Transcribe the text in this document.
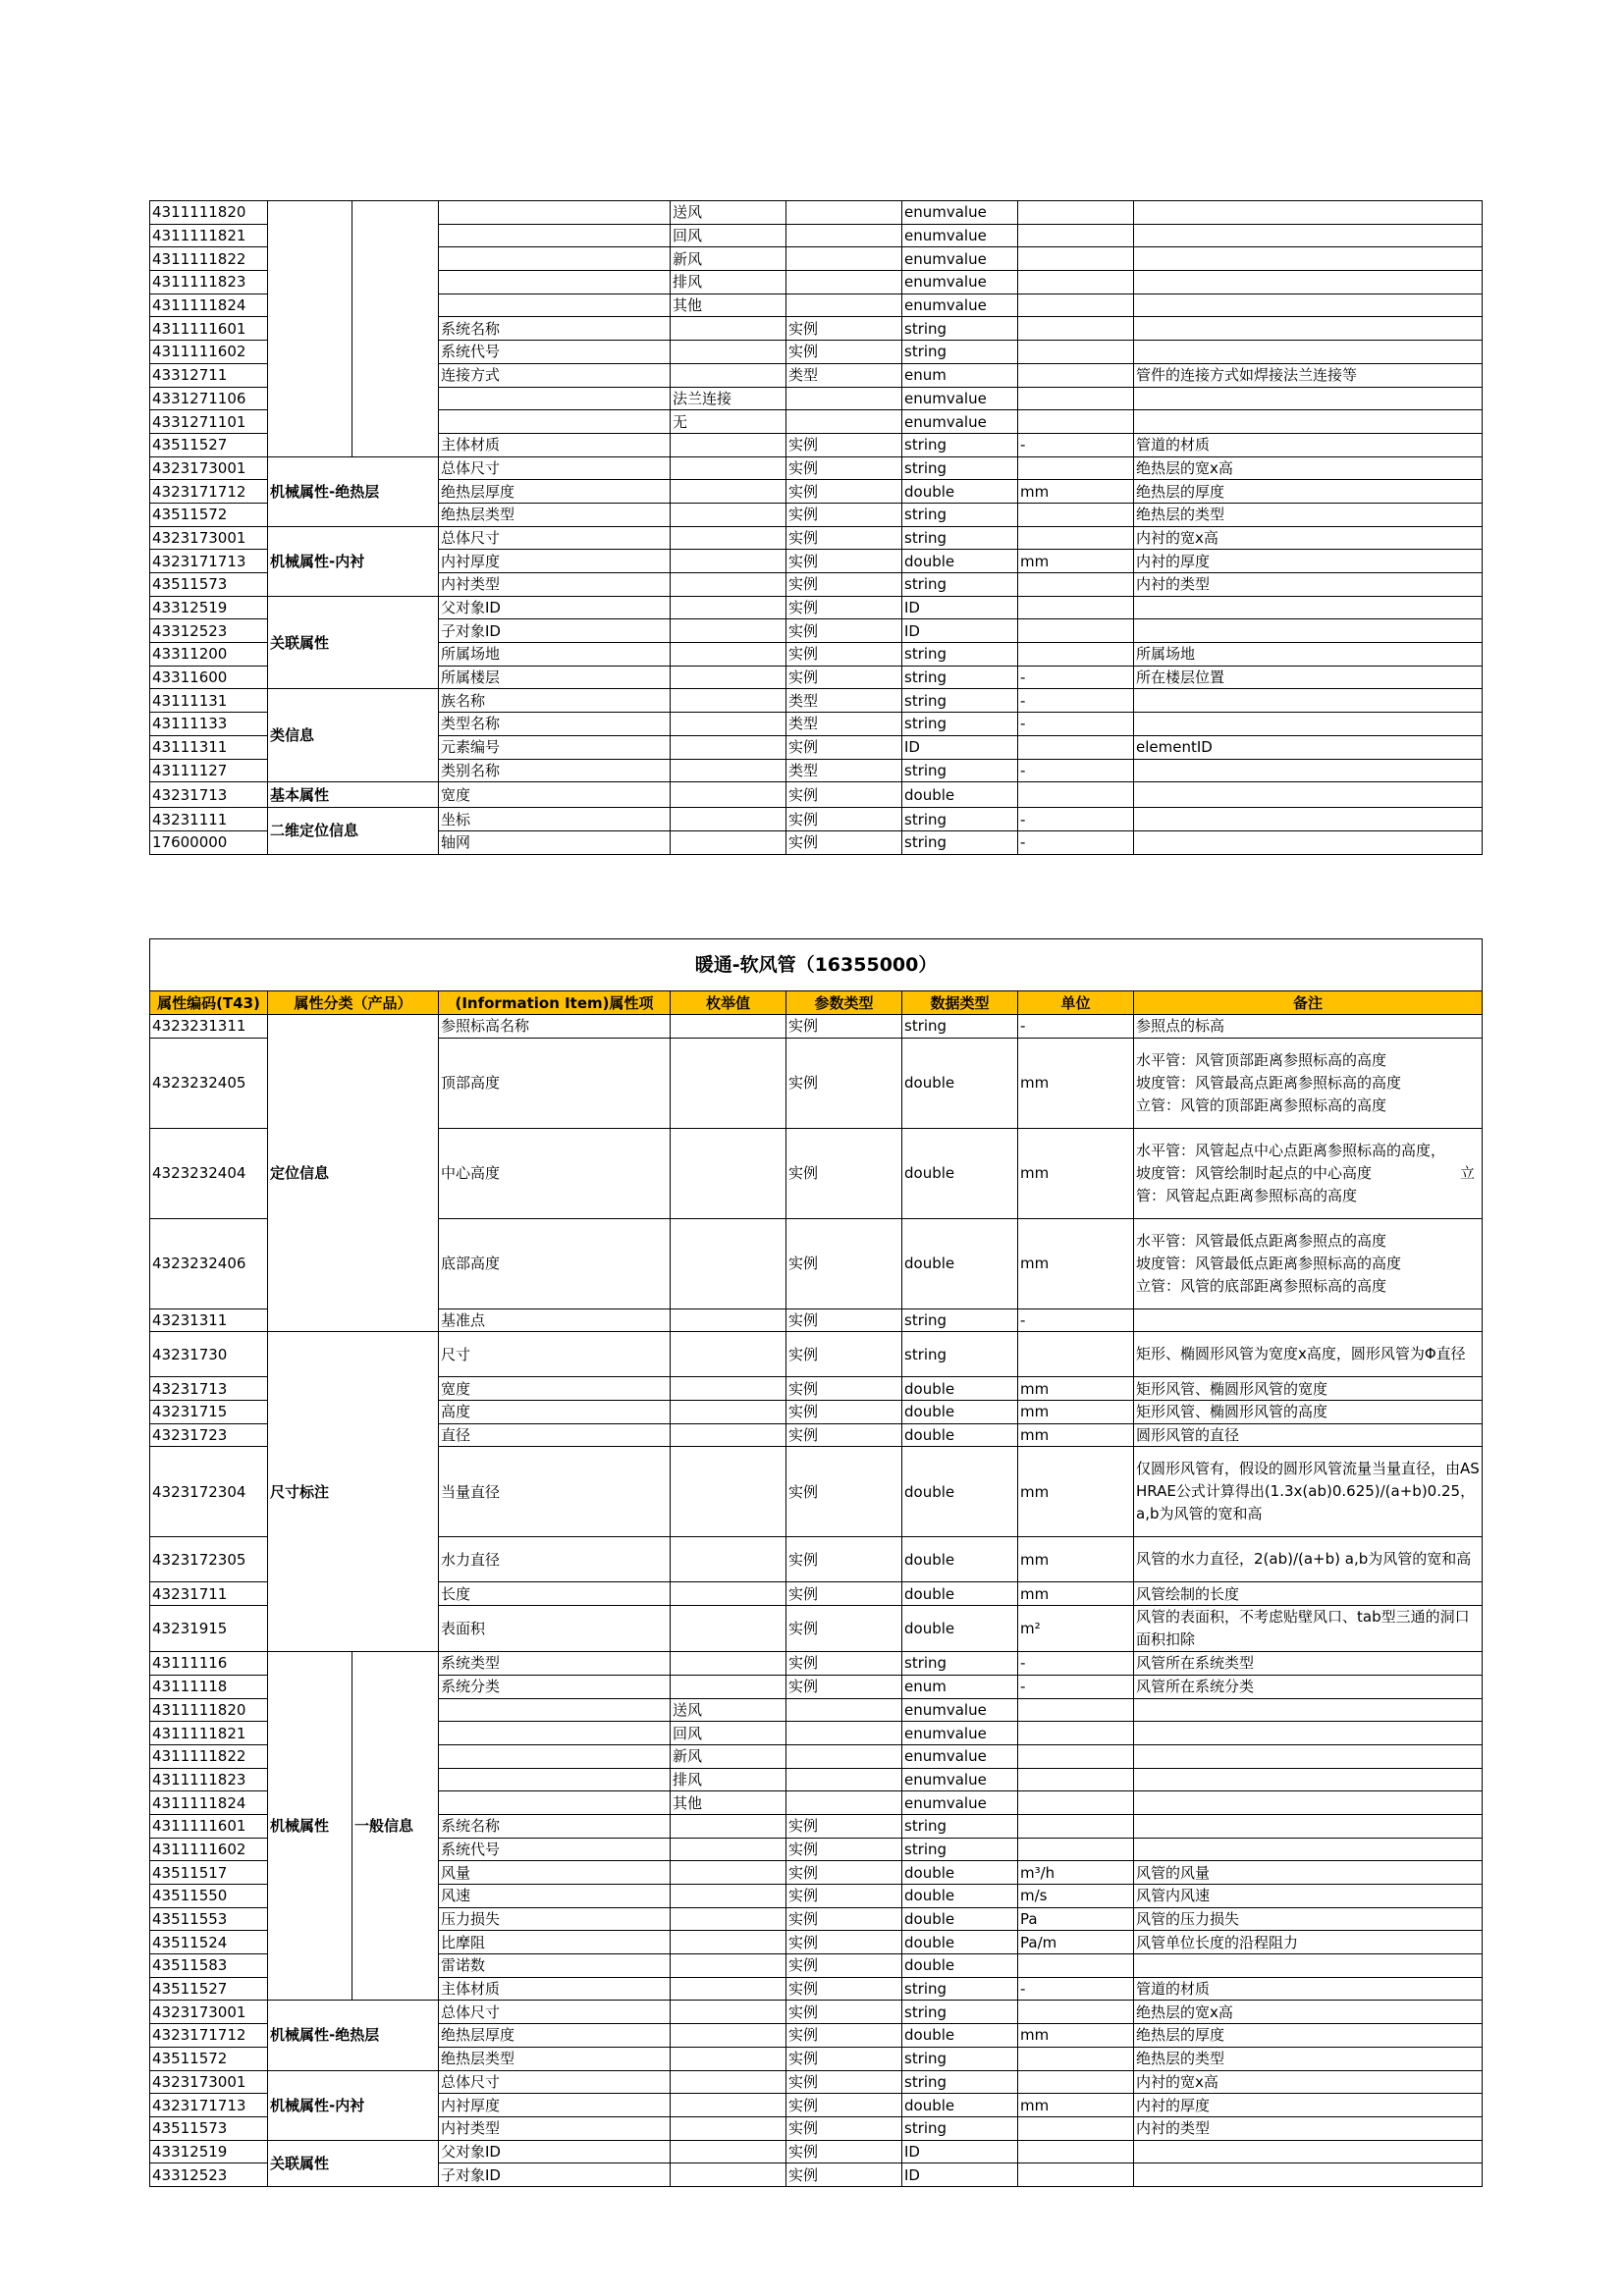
4311111820				送风		enumvalue		
4311111821				回风		enumvalue		
4311111822				新风		enumvalue		
4311111823				排风		enumvalue		
4311111824				其他		enumvalue		
4311111601			系统名称		实例	string		
4311111602			系统代号		实例	string		
43312711			连接方式		类型	enum		管件的连接方式如焊接法兰连接等
4331271106				法兰连接		enumvalue		
4331271101				无		enumvalue		
43511527			主体材质		实例	string	-	管道的材质
4323173001	机械属性-绝热层		总体尺寸		实例	string		绝热层的宽x高
4323171712			绝热层厚度		实例	double	mm	绝热层的厚度
43511572			绝热层类型		实例	string		绝热层的类型
4323173001	机械属性-内衬		总体尺寸		实例	string		内衬的宽x高
4323171713			内衬厚度		实例	double	mm	内衬的厚度
43511573			内衬类型		实例	string		内衬的类型
43312519	关联属性		父对象ID		实例	ID		
43312523			子对象ID		实例	ID		
43311200			所属场地		实例	string		所属场地
43311600			所属楼层		实例	string	-	所在楼层位置
43111131	类信息		族名称		类型	string	-	
43111133			类型名称		类型	string	-	
43111311			元素编号		实例	ID		elementID
43111127			类别名称		类型	string	-	
43231713	基本属性		宽度		实例	double		
43231111	二维定位信息		坐标		实例	string	-	
17600000			轴网		实例	string	-	
暖通-软风管（16355000）								
属性编码(T43)	属性分类（产品）		(Information Item)属性项	枚举值	参数类型	数据类型	单位	备注
4323231311	定位信息		参照标高名称		实例	string	-	参照点的标高
4323232405			顶部高度		实例	double	mm	水平管：风管顶部距离参照标高的高度　　　　　　坡度管：风管最高点距离参照标高的高度　　　　　立管：风管的顶部距离参照标高的高度
4323232404			中心高度		实例	double	mm	水平管：风管起点中心点距离参照标高的高度，　　坡度管：风管绘制时起点的中心高度　　　　　　立管：风管起点距离参照标高的高度
4323232406			底部高度		实例	double	mm	水平管：风管最低点距离参照点的高度　　　　　　坡度管：风管最低点距离参照标高的高度　　　　　立管：风管的底部距离参照标高的高度
43231311			基准点		实例	string	-	
43231730	尺寸标注		尺寸		实例	string		矩形、椭圆形风管为宽度x高度，圆形风管为Φ直径
43231713			宽度		实例	double	mm	矩形风管、椭圆形风管的宽度
43231715			高度		实例	double	mm	矩形风管、椭圆形风管的高度
43231723			直径		实例	double	mm	圆形风管的直径
4323172304			当量直径		实例	double	mm	仅圆形风管有，假设的圆形风管流量当量直径，由ASHRAE公式计算得出(1.3x(ab)0.625)/(a+b)0.25，a,b为风管的宽和高
4323172305			水力直径		实例	double	mm	风管的水力直径，2(ab)/(a+b) a,b为风管的宽和高
43231711			长度		实例	double	mm	风管绘制的长度
43231915			表面积		实例	double	m²	风管的表面积，不考虑贴壁风口、tab型三通的洞口面积扣除
43111116	机械属性	一般信息	系统类型		实例	string	-	风管所在系统类型
43111118			系统分类		实例	enum	-	风管所在系统分类
4311111820				送风		enumvalue		
4311111821				回风		enumvalue		
4311111822				新风		enumvalue		
4311111823				排风		enumvalue		
4311111824				其他		enumvalue		
4311111601			系统名称		实例	string		
4311111602			系统代号		实例	string		
43511517			风量		实例	double	m³/h	风管的风量
43511550			风速		实例	double	m/s	风管内风速
43511553			压力损失		实例	double	Pa	风管的压力损失
43511524			比摩阻		实例	double	Pa/m	风管单位长度的沿程阻力
43511583			雷诺数		实例	double		
43511527			主体材质		实例	string	-	管道的材质
4323173001	机械属性-绝热层		总体尺寸		实例	string		绝热层的宽x高
4323171712			绝热层厚度		实例	double	mm	绝热层的厚度
43511572			绝热层类型		实例	string		绝热层的类型
4323173001	机械属性-内衬		总体尺寸		实例	string		内衬的宽x高
4323171713			内衬厚度		实例	double	mm	内衬的厚度
43511573			内衬类型		实例	string		内衬的类型
43312519	关联属性		父对象ID		实例	ID		
43312523			子对象ID		实例	ID		
